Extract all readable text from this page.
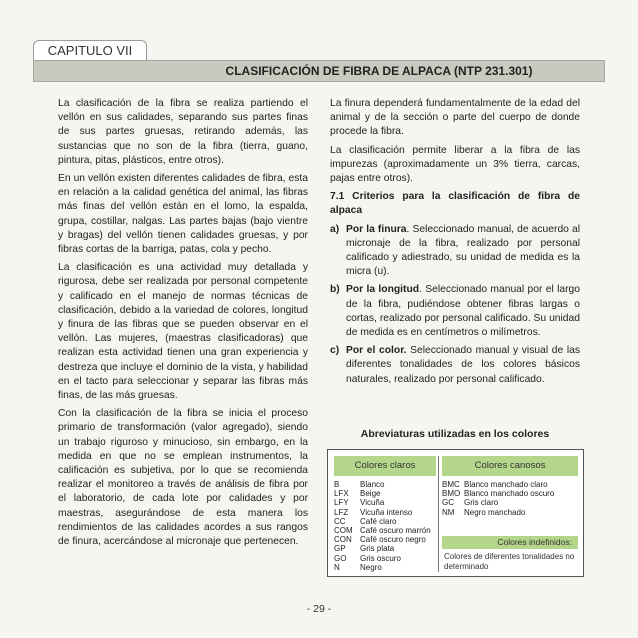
CAPITULO VII
CLASIFICACIÓN DE FIBRA DE ALPACA (NTP 231.301)

La clasificación de la fibra se realiza partiendo el vellón en sus calidades, separando sus partes finas de sus partes gruesas, retirando además, las sustancias que no son de la fibra (tierra, guano, pintura, pitas, plásticos, entre otros).

En un vellón existen diferentes calidades de fibra, esta en relación a la calidad genética del animal, las fibras más finas del vellón están en el lomo, la espalda, grupa, costillar, nalgas. Las partes bajas (bajo vientre y bragas) del vellón tienen calidades gruesas, y por fibras cortas de la barriga, patas, cola y pecho.

La clasificación es una actividad muy detallada y rigurosa, debe ser realizada por personal competente y calificado en el manejo de normas técnicas de clasificación, debido a la variedad de colores, longitud y finura de las fibras que se pueden observar en el vellón. Las mujeres, (maestras clasificadoras) que realizan esta actividad tienen una gran experiencia y destreza que incluye el dominio de la vista, y habilidad en el tacto para seleccionar y separar las fibras más finas, de las más gruesas.

Con la clasificación de la fibra se inicia el proceso primario de transformación (valor agregado), siendo un trabajo riguroso y minucioso, sin embargo, en la medida en que no se emplean instrumentos, la calificación es subjetiva, por lo que se recomienda realizar el monitoreo a través de análisis de fibra por el laboratorio, de cada lote por calidades y por maestras, asegurándose de esta manera los rendimientos de las calidades acordes a sus rangos de finura, acercándose al micronaje que pertenecen.

La finura dependerá fundamentalmente de la edad del animal y de la sección o parte del cuerpo de donde procede la fibra.

La clasificación permite liberar a la fibra de las impurezas (aproximadamente un 3% tierra, carcas, pajas entre otros).

7.1 Criterios para la clasificación de fibra de alpaca
a) Por la finura. Seleccionado manual, de acuerdo al micronaje de la fibra, realizado por personal calificado y adiestrado, su unidad de medida es la micra (u).
b) Por la longitud. Seleccionado manual por el largo de la fibra, pudiéndose obtener fibras largas o cortas, realizado por personal calificado. Su unidad de medida es en centímetros o milímetros.
c) Por el color. Seleccionado manual y visual de las diferentes tonalidades de los colores básicos naturales, realizado por personal calificado.
Abreviaturas utilizadas en los colores
Colores claros	Colores canosos
B	Blanco
LFX	Beige
LFY	Vicuña
LFZ	Vicuña intenso
CC	Café claro
COM Café oscuro marrón
CON	Café oscuro negro
GP	Gris plata
GO	Gris oscuro
N	Negro
BMC Blanco manchado claro
BMO Blanco manchado oscuro
GC	Gris claro
NM	Negro manchado
Colores indefinidos:
Colores de diferentes tonalidades no determinado
- 29 -
